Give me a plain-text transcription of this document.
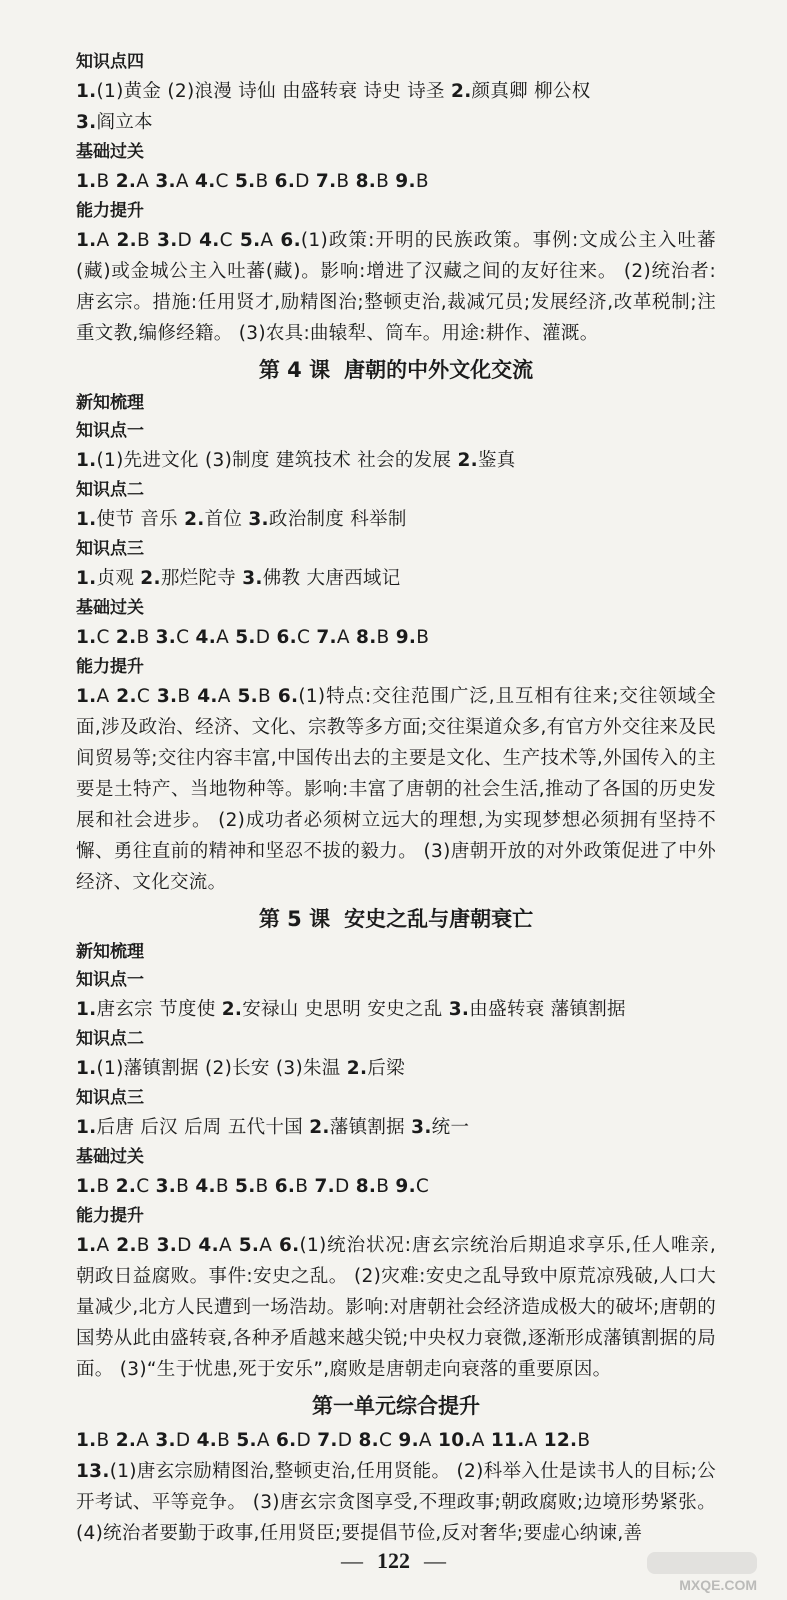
知识点四
1.(1)黄金 (2)浪漫 诗仙 由盛转衰 诗史 诗圣 2.颜真卿 柳公权
3.阎立本
基础过关
1.B 2.A 3.A 4.C 5.B 6.D 7.B 8.B 9.B
能力提升
1.A 2.B 3.D 4.C 5.A 6.(1)政策:开明的民族政策。事例:文成公主入吐蕃(藏)或金城公主入吐蕃(藏)。影响:增进了汉藏之间的友好往来。 (2)统治者:唐玄宗。措施:任用贤才,励精图治;整顿吏治,裁减冗员;发展经济,改革税制;注重文教,编修经籍。 (3)农具:曲辕犁、筒车。用途:耕作、灌溉。
第 4 课 唐朝的中外文化交流
新知梳理
知识点一
1.(1)先进文化 (3)制度 建筑技术 社会的发展 2.鉴真
知识点二
1.使节 音乐 2.首位 3.政治制度 科举制
知识点三
1.贞观 2.那烂陀寺 3.佛教 大唐西域记
基础过关
1.C 2.B 3.C 4.A 5.D 6.C 7.A 8.B 9.B
能力提升
1.A 2.C 3.B 4.A 5.B 6.(1)特点:交往范围广泛,且互相有往来;交往领域全面,涉及政治、经济、文化、宗教等多方面;交往渠道众多,有官方外交往来及民间贸易等;交往内容丰富,中国传出去的主要是文化、生产技术等,外国传入的主要是土特产、当地物种等。影响:丰富了唐朝的社会生活,推动了各国的历史发展和社会进步。 (2)成功者必须树立远大的理想,为实现梦想必须拥有坚持不懈、勇往直前的精神和坚忍不拔的毅力。 (3)唐朝开放的对外政策促进了中外经济、文化交流。
第 5 课 安史之乱与唐朝衰亡
新知梳理
知识点一
1.唐玄宗 节度使 2.安禄山 史思明 安史之乱 3.由盛转衰 藩镇割据
知识点二
1.(1)藩镇割据 (2)长安 (3)朱温 2.后梁
知识点三
1.后唐 后汉 后周 五代十国 2.藩镇割据 3.统一
基础过关
1.B 2.C 3.B 4.B 5.B 6.B 7.D 8.B 9.C
能力提升
1.A 2.B 3.D 4.A 5.A 6.(1)统治状况:唐玄宗统治后期追求享乐,任人唯亲,朝政日益腐败。事件:安史之乱。 (2)灾难:安史之乱导致中原荒凉残破,人口大量减少,北方人民遭到一场浩劫。影响:对唐朝社会经济造成极大的破坏;唐朝的国势从此由盛转衰,各种矛盾越来越尖锐;中央权力衰微,逐渐形成藩镇割据的局面。 (3)“生于忧患,死于安乐”,腐败是唐朝走向衰落的重要原因。
第一单元综合提升
1.B 2.A 3.D 4.B 5.A 6.D 7.D 8.C 9.A 10.A 11.A 12.B
13.(1)唐玄宗励精图治,整顿吏治,任用贤能。 (2)科举入仕是读书人的目标;公开考试、平等竞争。 (3)唐玄宗贪图享受,不理政事;朝政腐败;边境形势紧张。 (4)统治者要勤于政事,任用贤臣;要提倡节俭,反对奢华;要虚心纳谏,善
— 122 —

MXQE.COM
